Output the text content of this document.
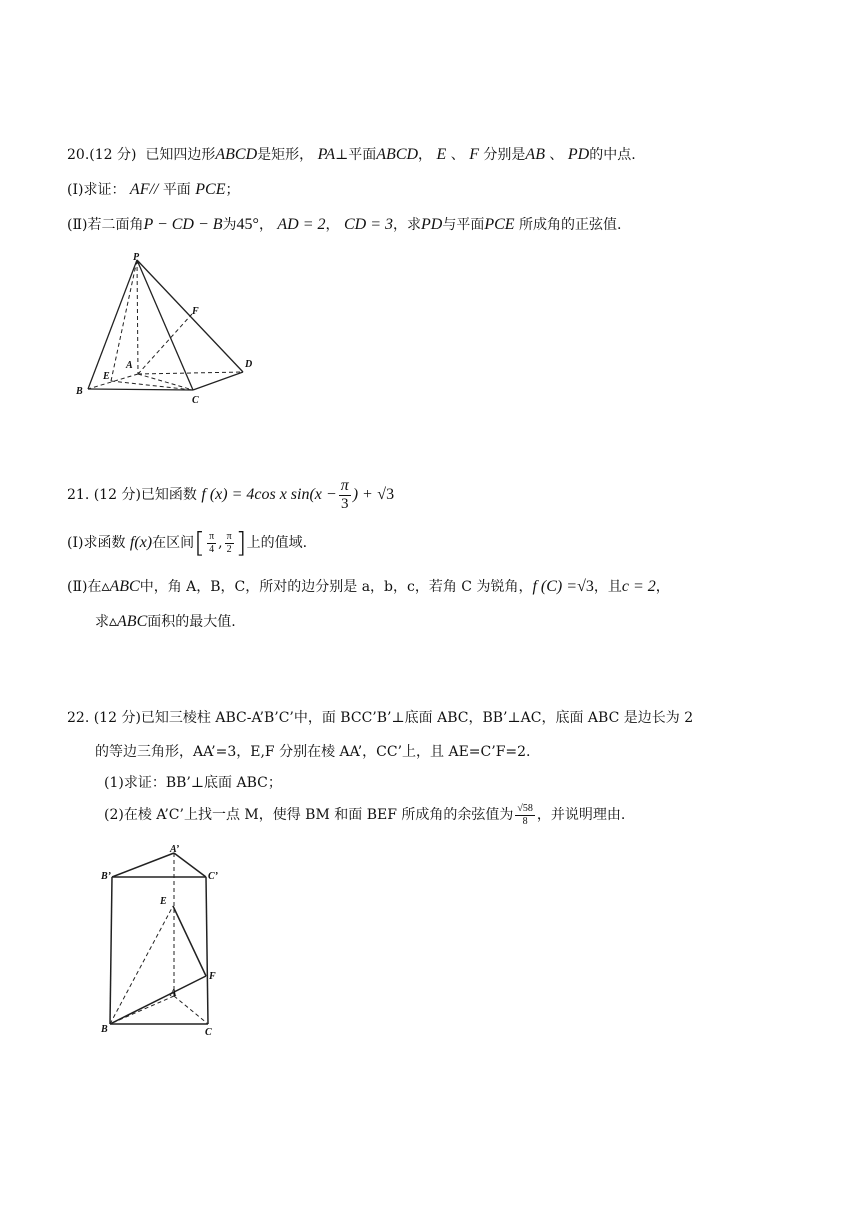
20.(12 分) 已知四边形ABCD是矩形， PA⊥平面ABCD， E 、 F 分别是AB 、 PD的中点.
(Ⅰ)求证： AF// 平面 PCE；
(Ⅱ)若二面角P − CD − B为45°， AD = 2， CD = 3，求PD与平面PCE 所成角的正弦值.
P
F
A	D
E
B
C
21. (12 分)已知函数 f (x) = 4cos x $\sin(x - \frac{\pi}{3}$ ) + √3
(Ⅰ)求函数 f(x)在区间[ $\frac{\pi}{4}$ , $\frac{\pi}{2}$ ]上的值域.
(Ⅱ)在▵ABC中，角 A，B，C，所对的边分别是 a，b，c，若角 C 为锐角，f (C) =√3，且c = 2，
求▵ABC面积的最大值.
22. (12 分)已知三棱柱 ABC-A’B’C’中，面 BCC’B’⊥底面 ABC，BB’⊥AC，底面 ABC 是边长为 2
的等边三角形，AA’=3，E,F 分别在棱 AA’，CC’上，且 AE=C’F=2.
(1)求证：BB’⊥底面 ABC；
(2)在棱 A’C’上找一点 M，使得 BM 和面 BEF 所成角的余弦值为 $\frac{√58}{8}$ ，并说明理由.
A’
B’	C’
E
F
A
B	C
